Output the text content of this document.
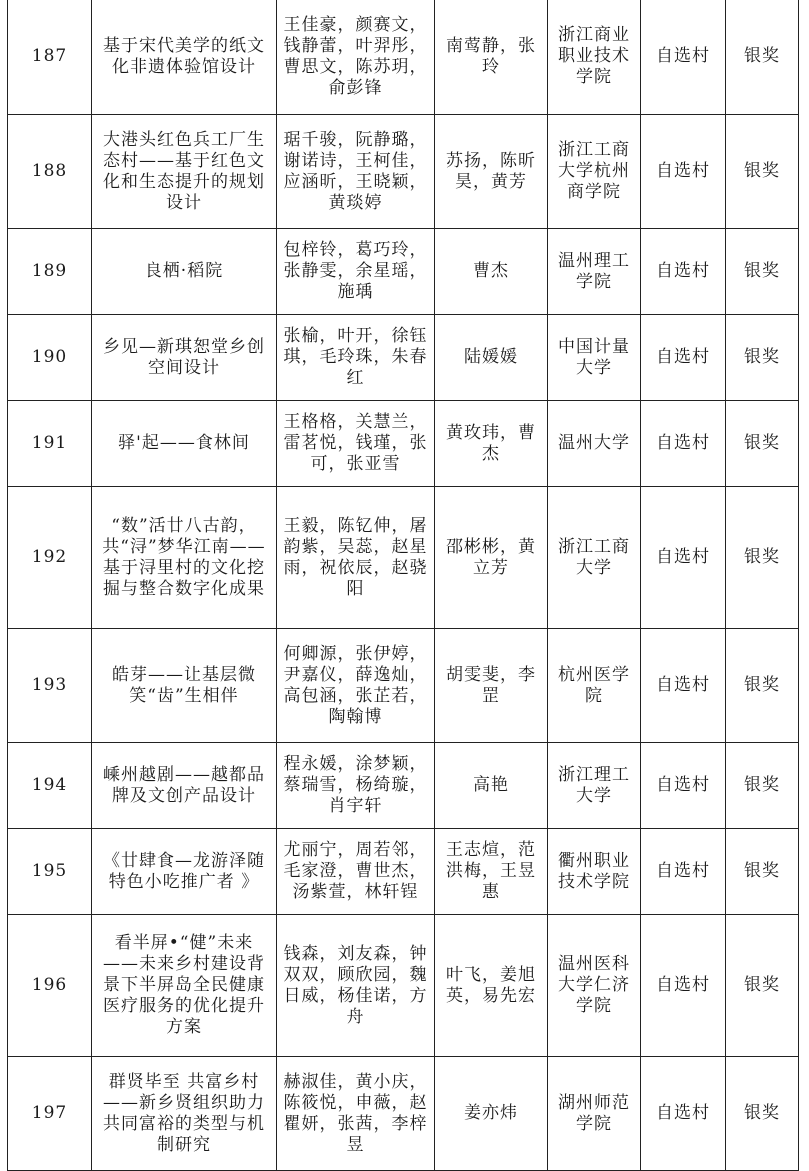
187	基于宋代美学的纸文化非遗体验馆设计	王佳豪，颜赛文，钱静蕾，叶羿彤，曹思文，陈苏玥，俞彭锋	南莺静，张玲	浙江商业职业技术学院	自选村	银奖
188	大港头红色兵工厂生态村——基于红色文化和生态提升的规划设计	琚千骏，阮静璐，谢诺诗，王柯佳，应涵昕，王晓颖，黄琰婷	苏扬，陈昕昊，黄芳	浙江工商大学杭州商学院	自选村	银奖
189	良栖·稻院	包梓铃，葛巧玲，张静雯，余星瑶，施瑀	曹杰	温州理工学院	自选村	银奖
190	乡见—新琪恕堂乡创空间设计	张榆，叶开，徐钰琪，毛玲珠，朱春红	陆媛媛	中国计量大学	自选村	银奖
191	驿'起——食林间	王格格，关慧兰，雷茗悦，钱瑾，张可，张亚雪	黄玫玮，曹杰	温州大学	自选村	银奖
192	“数”活廿八古韵，共“浔”梦华江南——基于浔里村的文化挖掘与整合数字化成果	王毅，陈钇伸，屠韵紫，吴蕊，赵星雨，祝依辰，赵骁阳	邵彬彬，黄立芳	浙江工商大学	自选村	银奖
193	皓芽——让基层微笑“齿”生相伴	何卿源，张伊婷，尹嘉仪，薛逸灿，高包涵，张芷若，陶翰博	胡雯斐，李罡	杭州医学院	自选村	银奖
194	嵊州越剧——越都品牌及文创产品设计	程永媛，涂梦颖，蔡瑞雪，杨绮璇，肖宇轩	高艳	浙江理工大学	自选村	银奖
195	《廿肆食—龙游泽随特色小吃推广者 》	尤丽宁，周若邻，毛家澄，曹世杰，汤紫萱，林轩锃	王志煊，范洪梅，王昱惠	衢州职业技术学院	自选村	银奖
196	看半屏•“健”未来——未来乡村建设背景下半屏岛全民健康医疗服务的优化提升方案	钱森，刘友森，钟双双，顾欣园，魏日威，杨佳诺，方舟	叶飞，姜旭英，易先宏	温州医科大学仁济学院	自选村	银奖
197	群贤毕至 共富乡村——新乡贤组织助力共同富裕的类型与机制研究	赫淑佳，黄小庆，陈筱悦，申薇，赵瞿妍，张茜，李梓昱	姜亦炜	湖州师范学院	自选村	银奖
